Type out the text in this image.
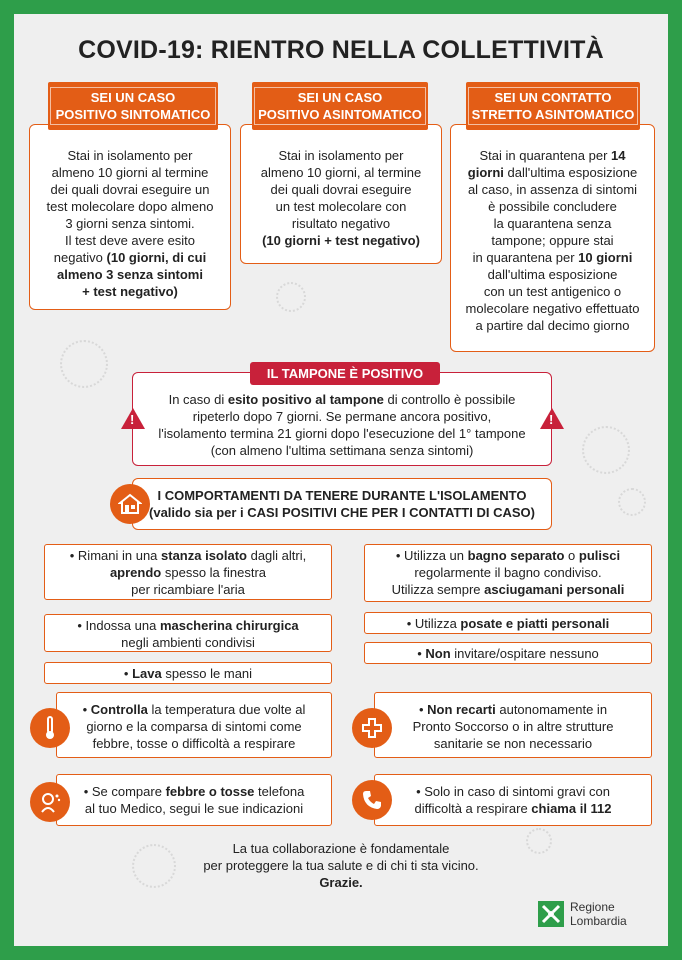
COVID-19: RIENTRO NELLA COLLETTIVITÀ
Stai in isolamento per
almeno 10 giorni al termine
dei quali dovrai eseguire un
test molecolare dopo almeno
3 giorni senza sintomi.
Il test deve avere esito
negativo (10 giorni, di cui
almeno 3 senza sintomi
+ test negativo)
SEI UN CASO
POSITIVO SINTOMATICO
Stai in isolamento per
almeno 10 giorni, al termine
dei quali dovrai eseguire
un test molecolare con
risultato negativo
(10 giorni + test negativo)
SEI UN CASO
POSITIVO ASINTOMATICO
Stai in quarantena per 14
giorni dall'ultima esposizione
al caso, in assenza di sintomi
è possibile concludere
la quarantena senza
tampone; oppure stai
in quarantena per 10 giorni
dall'ultima esposizione
con un test antigenico o
molecolare negativo effettuato
a partire dal decimo giorno
SEI UN CONTATTO
STRETTO ASINTOMATICO
In caso di esito positivo al tampone di controllo è possibile
ripeterlo dopo 7 giorni. Se permane ancora positivo,
l'isolamento termina 21 giorni dopo l'esecuzione del 1° tampone
(con almeno l'ultima settimana senza sintomi)
IL TAMPONE È POSITIVO
!	!
I COMPORTAMENTI DA TENERE DURANTE L'ISOLAMENTO
(valido sia per i CASI POSITIVI CHE PER I CONTATTI DI CASO)
• Rimani in una stanza isolato dagli altri,
aprendo spesso la finestra
per ricambiare l'aria
• Indossa una mascherina chirurgica
negli ambienti condivisi
• Lava spesso le mani
• Controlla la temperatura due volte al
giorno e la comparsa di sintomi come
febbre, tosse o difficoltà a respirare
• Se compare febbre o tosse telefona
al tuo Medico, segui le sue indicazioni
• Utilizza un bagno separato o pulisci
regolarmente il bagno condiviso.
Utilizza sempre asciugamani personali
• Utilizza posate e piatti personali
• Non invitare/ospitare nessuno
• Non recarti autonomamente in
Pronto Soccorso o in altre strutture
sanitarie se non necessario
• Solo in caso di sintomi gravi con
difficoltà a respirare chiama il 112
La tua collaborazione è fondamentale
per proteggere la tua salute e di chi ti sta vicino.
Grazie.
Regione
Lombardia
